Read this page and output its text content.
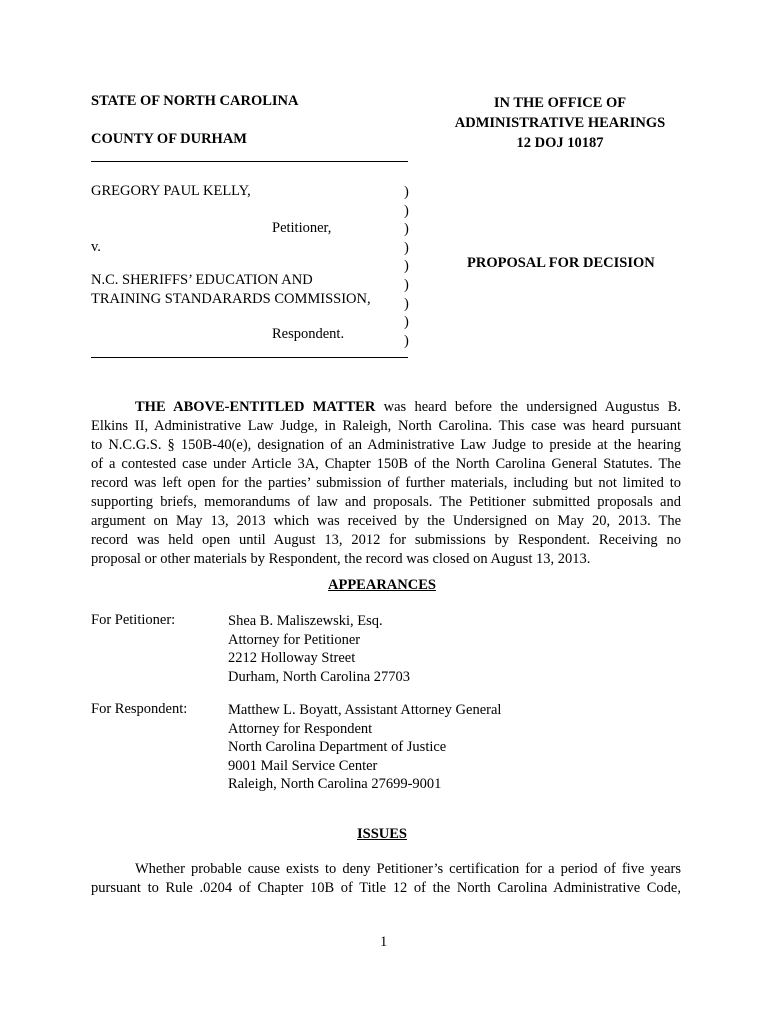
STATE OF NORTH CAROLINA
COUNTY OF DURHAM
IN THE OFFICE OF
ADMINISTRATIVE HEARINGS
12 DOJ 10187
GREGORY PAUL KELLY,
Petitioner,
v.
N.C. SHERIFFS’ EDUCATION AND
TRAINING STANDARARDS COMMISSION,
Respondent.
)
)
)
)
)
)
)
)
)
PROPOSAL FOR DECISION
THE ABOVE-ENTITLED MATTER was heard before the undersigned Augustus B.
Elkins II, Administrative Law Judge, in Raleigh, North Carolina. This case was heard pursuant
to N.C.G.S. § 150B-40(e), designation of an Administrative Law Judge to preside at the hearing
of a contested case under Article 3A, Chapter 150B of the North Carolina General Statutes. The
record was left open for the parties’ submission of further materials, including but not limited to
supporting briefs, memorandums of law and proposals. The Petitioner submitted proposals and
argument on May 13, 2013 which was received by the Undersigned on May 20, 2013. The
record was held open until August 13, 2012 for submissions by Respondent. Receiving no
proposal or other materials by Respondent, the record was closed on August 13, 2013.
APPEARANCES
For Petitioner:	Shea B. Maliszewski, Esq.
Attorney for Petitioner
2212 Holloway Street
Durham, North Carolina 27703
For Respondent:	Matthew L. Boyatt, Assistant Attorney General
Attorney for Respondent
North Carolina Department of Justice
9001 Mail Service Center
Raleigh, North Carolina 27699-9001
ISSUES
Whether probable cause exists to deny Petitioner’s certification for a period of five years
pursuant to Rule .0204 of Chapter 10B of Title 12 of the North Carolina Administrative Code,
1
